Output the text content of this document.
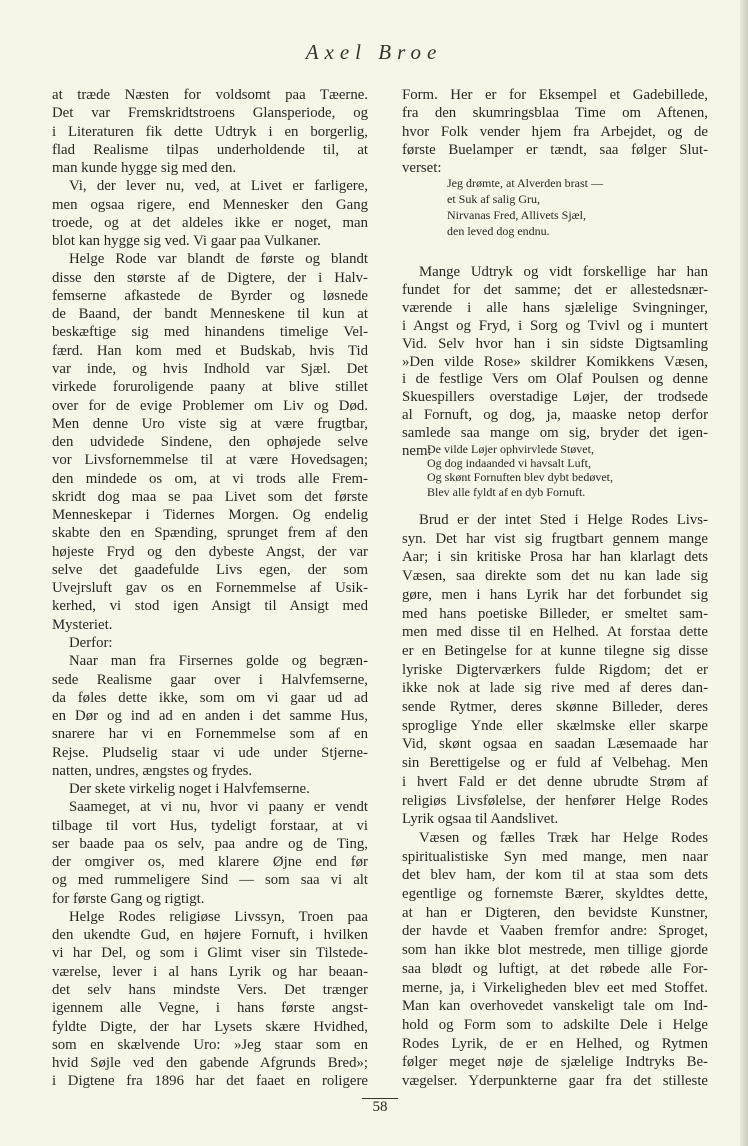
Axel Broe
at træde Næsten for voldsomt paa Tæerne.
Det var Fremskridtstroens Glansperiode, og
i Literaturen fik dette Udtryk i en borgerlig,
flad Realisme tilpas underholdende til, at
man kunde hygge sig med den.
Vi, der lever nu, ved, at Livet er farligere,
men ogsaa rigere, end Mennesker den Gang
troede, og at det aldeles ikke er noget, man
blot kan hygge sig ved. Vi gaar paa Vulkaner.
Helge Rode var blandt de første og blandt
disse den største af de Digtere, der i Halv-
femserne afkastede de Byrder og løsnede
de Baand, der bandt Menneskene til kun at
beskæftige sig med hinandens timelige Vel-
færd. Han kom med et Budskab, hvis Tid
var inde, og hvis Indhold var Sjæl. Det
virkede foruroligende paany at blive stillet
over for de evige Problemer om Liv og Død.
Men denne Uro viste sig at være frugtbar,
den udvidede Sindene, den ophøjede selve
vor Livsfornemmelse til at være Hovedsagen;
den mindede os om, at vi trods alle Frem-
skridt dog maa se paa Livet som det første
Menneskepar i Tidernes Morgen. Og endelig
skabte den en Spænding, sprunget frem af den
højeste Fryd og den dybeste Angst, der var
selve det gaadefulde Livs egen, der som
Uvejrsluft gav os en Fornemmelse af Usik-
kerhed, vi stod igen Ansigt til Ansigt med
Mysteriet.
Derfor:
Naar man fra Firsernes golde og begræn-
sede Realisme gaar over i Halvfemserne,
da føles dette ikke, som om vi gaar ud ad
en Dør og ind ad en anden i det samme Hus,
snarere har vi en Fornemmelse som af en
Rejse. Pludselig staar vi ude under Stjerne-
natten, undres, ængstes og frydes.
Der skete virkelig noget i Halvfemserne.
Saameget, at vi nu, hvor vi paany er vendt
tilbage til vort Hus, tydeligt forstaar, at vi
ser baade paa os selv, paa andre og de Ting,
der omgiver os, med klarere Øjne end før
og med rummeligere Sind — som saa vi alt
for første Gang og rigtigt.
Helge Rodes religiøse Livssyn, Troen paa
den ukendte Gud, en højere Fornuft, i hvilken
vi har Del, og som i Glimt viser sin Tilstede-
værelse, lever i al hans Lyrik og har beaan-
det selv hans mindste Vers. Det trænger
igennem alle Vegne, i hans første angst-
fyldte Digte, der har Lysets skære Hvidhed,
som en skælvende Uro: »Jeg staar som en
hvid Søjle ved den gabende Afgrunds Bred»;
i Digtene fra 1896 har det faaet en roligere
Form. Her er for Eksempel et Gadebillede,
fra den skumringsblaa Time om Aftenen,
hvor Folk vender hjem fra Arbejdet, og de
første Buelamper er tændt, saa følger Slut-
verset:
Jeg drømte, at Alverden brast —
et Suk af salig Gru,
Nirvanas Fred, Allivets Sjæl,
den leved dog endnu.
Mange Udtryk og vidt forskellige har han
fundet for det samme; det er allestedsnær-
værende i alle hans sjælelige Svingninger,
i Angst og Fryd, i Sorg og Tvivl og i muntert
Vid. Selv hvor han i sin sidste Digtsamling
»Den vilde Rose» skildrer Komikkens Væsen,
i de festlige Vers om Olaf Poulsen og denne
Skuespillers overstadige Løjer, der trodsede
al Fornuft, og dog, ja, maaske netop derfor
samlede saa mange om sig, bryder det igen-
nem:
De vilde Løjer ophvirvlede Støvet,
Og dog indaanded vi havsalt Luft,
Og skønt Fornuften blev dybt bedøvet,
Blev alle fyldt af en dyb Fornuft.
Brud er der intet Sted i Helge Rodes Livs-
syn. Det har vist sig frugtbart gennem mange
Aar; i sin kritiske Prosa har han klarlagt dets
Væsen, saa direkte som det nu kan lade sig
gøre, men i hans Lyrik har det forbundet sig
med hans poetiske Billeder, er smeltet sam-
men med disse til en Helhed. At forstaa dette
er en Betingelse for at kunne tilegne sig disse
lyriske Digterværkers fulde Rigdom; det er
ikke nok at lade sig rive med af deres dan-
sende Rytmer, deres skønne Billeder, deres
sproglige Ynde eller skælmske eller skarpe
Vid, skønt ogsaa en saadan Læsemaade har
sin Berettigelse og er fuld af Velbehag. Men
i hvert Fald er det denne ubrudte Strøm af
religiøs Livsfølelse, der henfører Helge Rodes
Lyrik ogsaa til Aandslivet.
Væsen og fælles Træk har Helge Rodes
spiritualistiske Syn med mange, men naar
det blev ham, der kom til at staa som dets
egentlige og fornemste Bærer, skyldtes dette,
at han er Digteren, den bevidste Kunstner,
der havde et Vaaben fremfor andre: Sproget,
som han ikke blot mestrede, men tillige gjorde
saa blødt og luftigt, at det røbede alle For-
merne, ja, i Virkeligheden blev eet med Stoffet.
Man kan overhovedet vanskeligt tale om Ind-
hold og Form som to adskilte Dele i Helge
Rodes Lyrik, de er en Helhed, og Rytmen
følger meget nøje de sjælelige Indtryks Be-
vægelser. Yderpunkterne gaar fra det stilleste
58
